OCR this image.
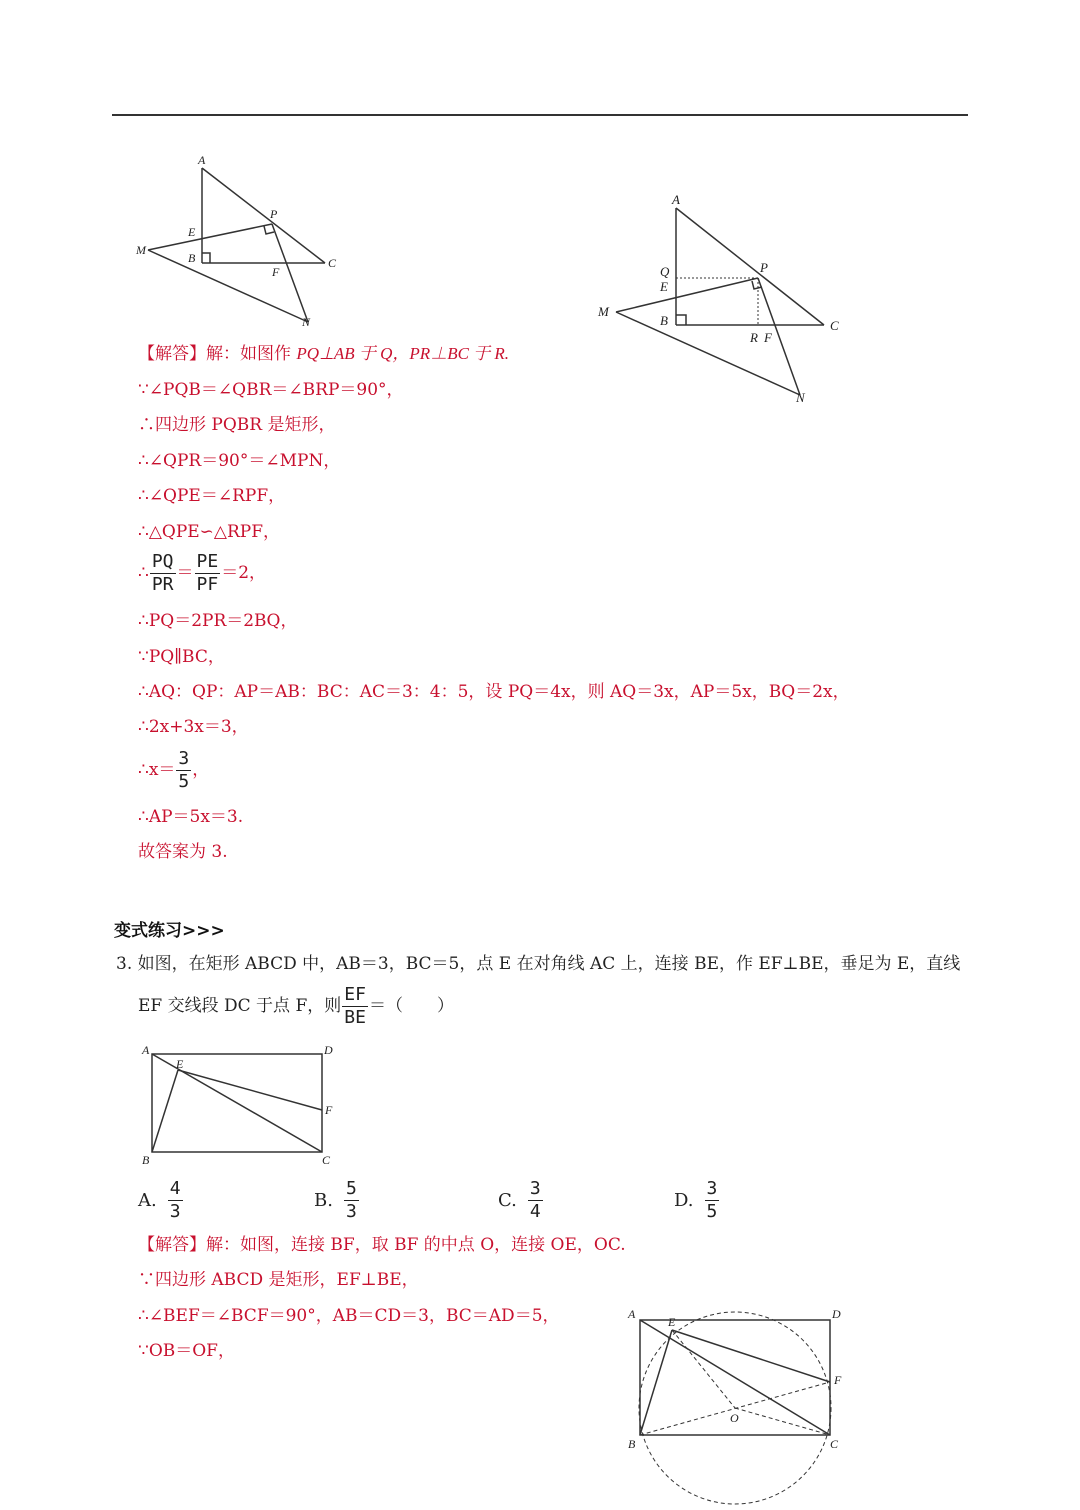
A
P
E
M
B	C
F
N
A
P
Q
E
M
B
R F
C
N
【解答】解：如图作 PQ⊥AB 于 Q，PR⊥BC 于 R.
∵∠PQB＝∠QBR＝∠BRP＝90°，
∴四边形 PQBR 是矩形，
∴∠QPR＝90°＝∠MPN，
∴∠QPE＝∠RPF，
∴△QPE∽△RPF，
∴ $\frac{PQ}{PR} = \frac{PE}{PF} =2$，
∴PQ＝2PR＝2BQ，
∵PQ∥BC，
∴AQ：QP：AP＝AB：BC：AC＝3：4：5，设 PQ＝4x，则 AQ＝3x，AP＝5x，BQ＝2x，
∴2x+3x＝3，
∴x＝ $\frac{3}{5}$ ，
∴AP＝5x＝3.
故答案为 3.
变式练习>>>
3. 如图，在矩形 ABCD 中，AB＝3，BC＝5，点 E 在对角线 AC 上，连接 BE，作 EF⊥BE，垂足为 E，直线
EF 交线段 DC 于点 F，则 $\frac{EF}{BE}$ ＝（　　）
A
E
D
F
B	C
A. $\frac{4}{3}$	B. $\frac{5}{3}$	C. $\frac{3}{4}$	D. $\frac{3}{5}$
【解答】解：如图，连接 BF，取 BF 的中点 O，连接 OE，OC.
∵四边形 ABCD 是矩形，EF⊥BE，
∴∠BEF＝∠BCF＝90°，AB＝CD＝3，BC＝AD＝5，
∵OB＝OF，
A
E
D
F
O
B	C
